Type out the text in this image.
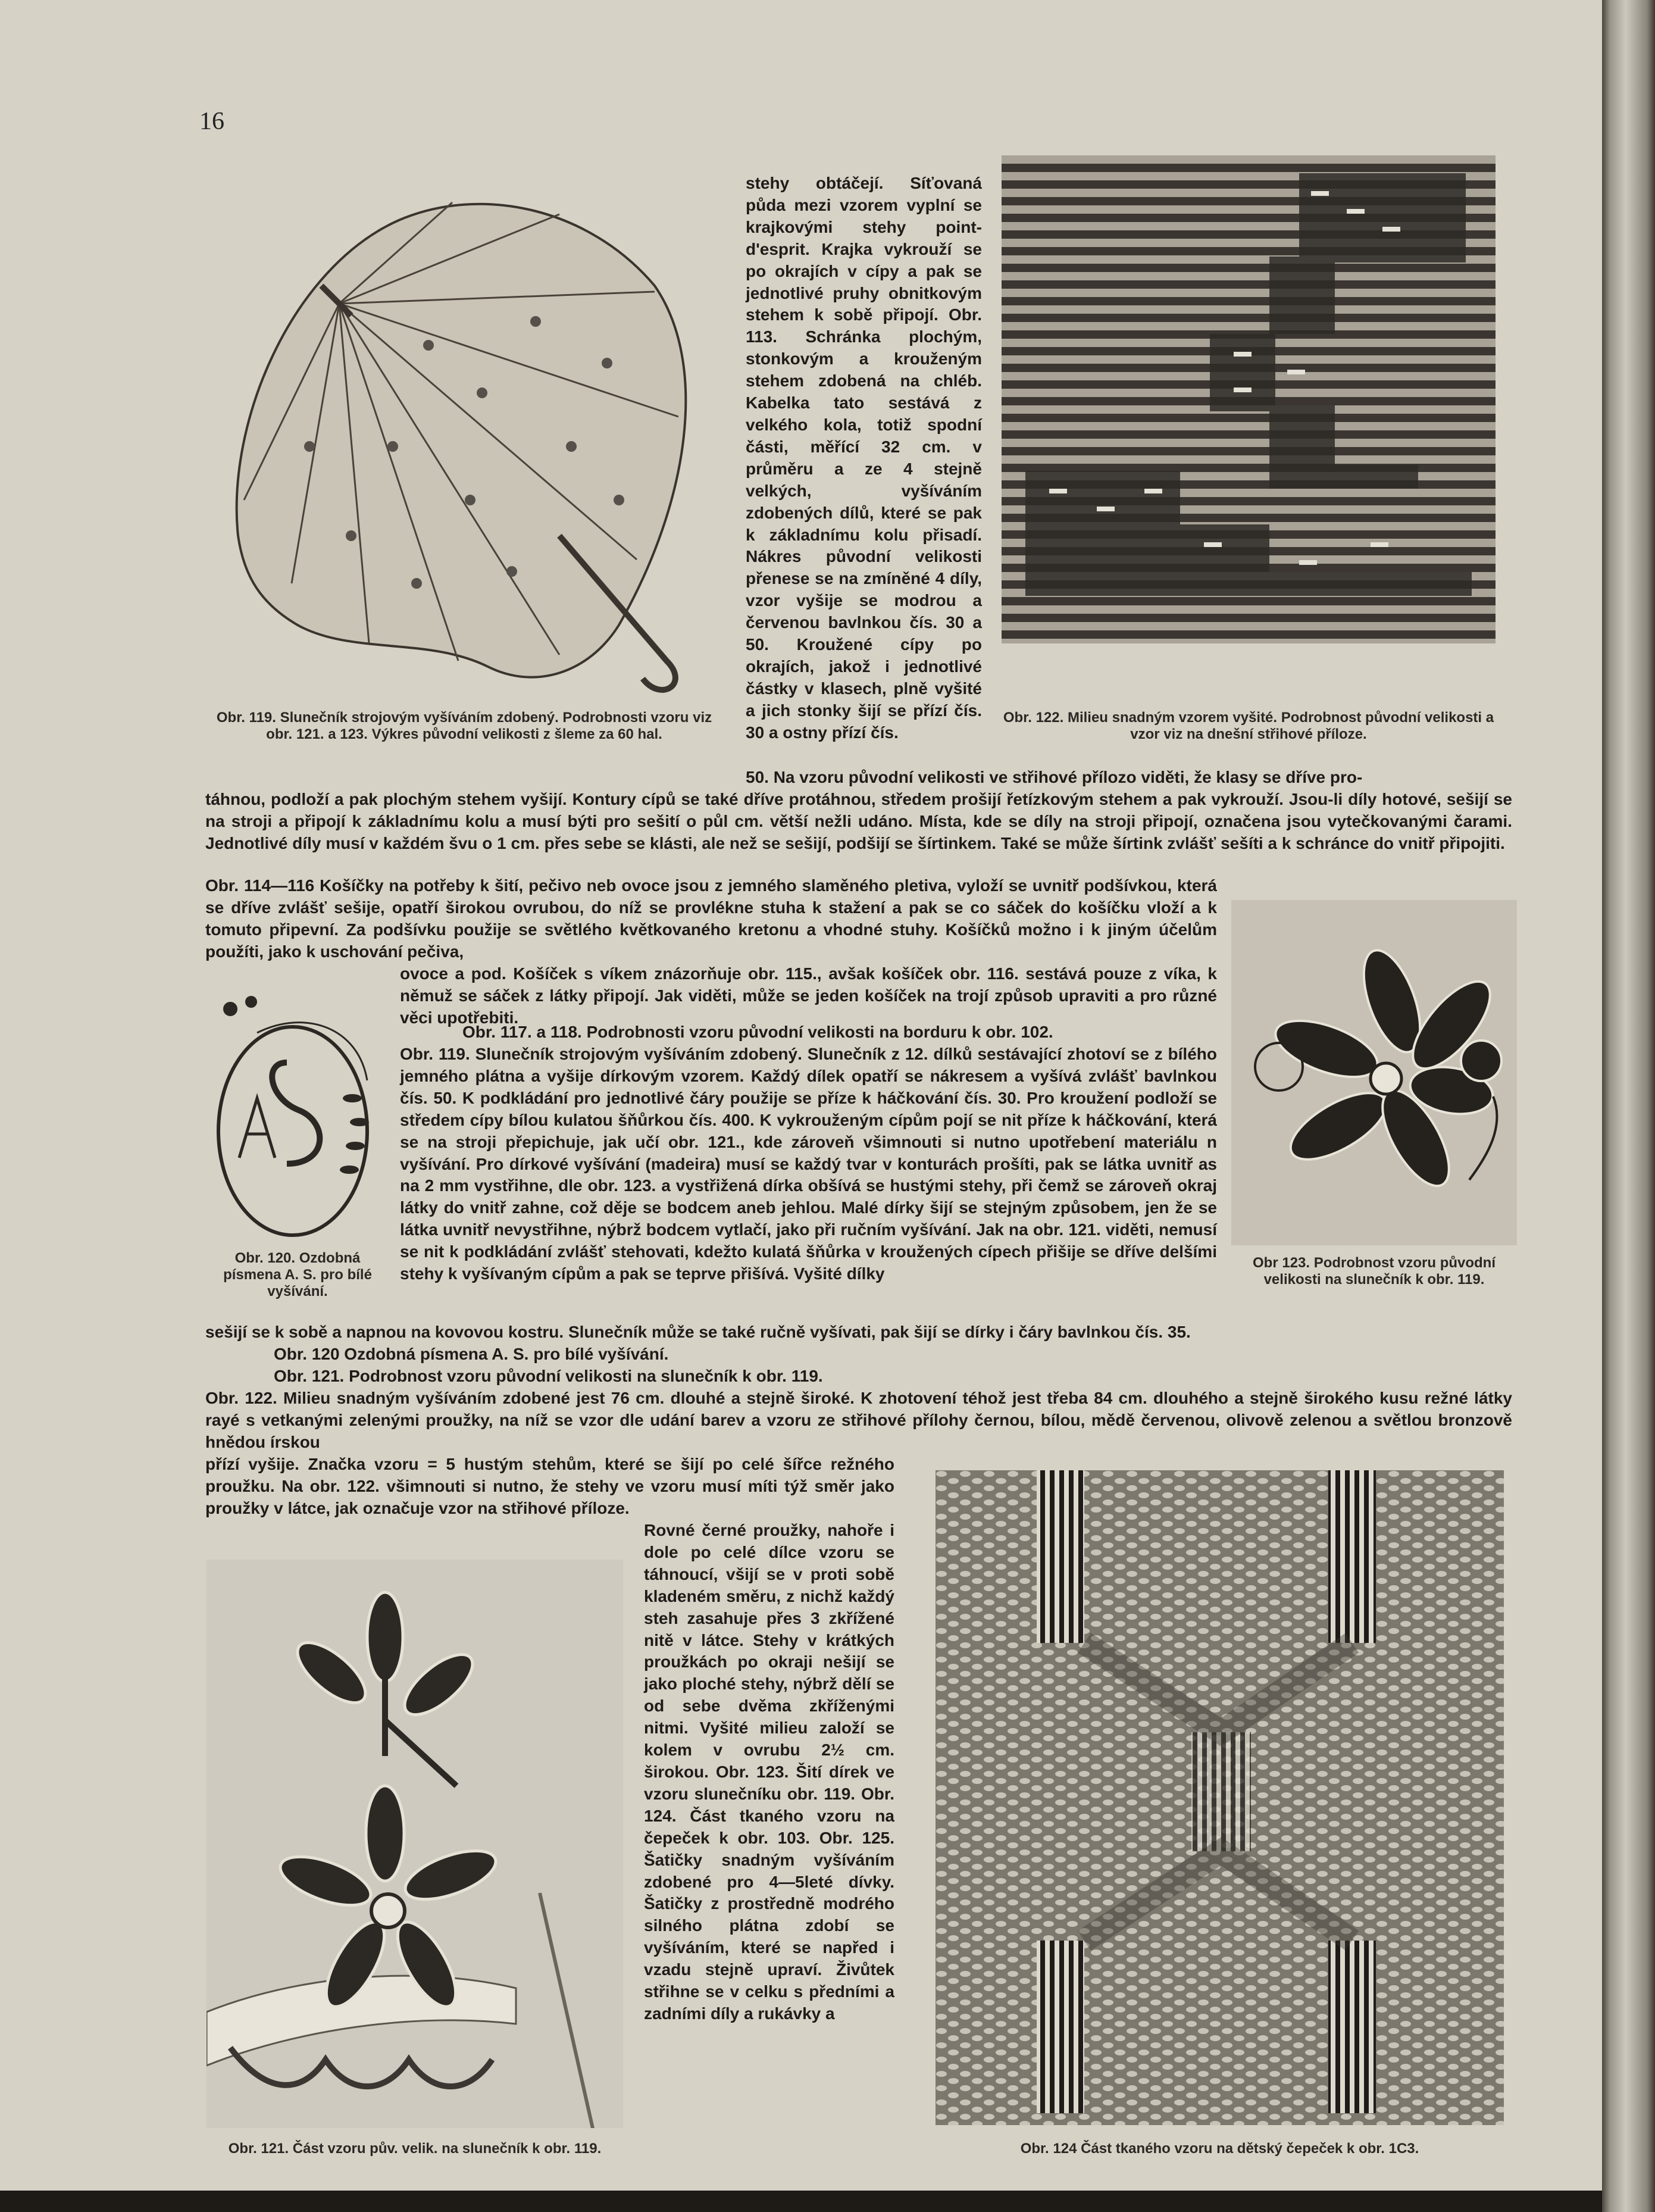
16

Obr. 119. Slunečník strojovým vyšíváním zdobený. Podrobnosti vzoru viz obr. 121. a 123. Výkres původní velikosti z šleme za 60 hal.

stehy obtáčejí. Síťovaná půda mezi vzorem vyplní se krajkovými stehy point-d'esprit. Krajka vykrouží se po okrajích v cípy a pak se jednotlivé pruhy obnitkovým stehem k sobě připojí. Obr. 113. Schránka plochým, stonkovým a krouženým stehem zdobená na chléb. Kabelka tato sestává z velkého kola, totiž spodní části, měřící 32 cm. v průměru a ze 4 stejně velkých, vyšíváním zdobených dílů, které se pak k základnímu kolu přisadí. Nákres původní velikosti přenese se na zmíněné 4 díly, vzor vyšije se modrou a červenou bavlnkou čís. 30 a 50. Kroužené cípy po okrajích, jakož i jednotlivé částky v klasech, plně vyšité a jich stonky šijí se přízí čís. 30 a ostny přízí čís.

Obr. 122. Milieu snadným vzorem vyšité. Podrobnost původní velikosti a vzor viz na dnešní střihové příloze.

50. Na vzoru původní velikosti ve střihové přílozo viděti, že klasy se dříve pro-

táhnou, podloží a pak plochým stehem vyšijí. Kontury cípů se také dříve protáhnou, středem prošijí řetízkovým stehem a pak vykrouží. Jsou-li díly hotové, sešijí se na stroji a připojí k základnímu kolu a musí býti pro sešití o půl cm. větší nežli udáno. Místa, kde se díly na stroji připojí, označena jsou vytečkovanými čarami. Jednotlivé díly musí v každém švu o 1 cm. přes sebe se klásti, ale než se sešijí, podšijí se šírtinkem. Také se může šírtink zvlášť sešíti a k schránce do vnitř připojiti.

Obr. 114—116 Košíčky na potřeby k šití, pečivo neb ovoce jsou z jemného slaměného pletiva, vyloží se uvnitř podšívkou, která se dříve zvlášť sešije, opatří širokou ovrubou, do níž se provlékne stuha k stažení a pak se co sáček do košíčku vloží a k tomuto připevní. Za podšívku použije se světlého květkovaného kretonu a vhodné stuhy. Košíčků možno i k jiným účelům použíti, jako k uschování pečiva,

ovoce a pod. Košíček s víkem znázorňuje obr. 115., avšak košíček obr. 116. sestává pouze z víka, k němuž se sáček z látky připojí. Jak viděti, může se jeden košíček na trojí způsob upraviti a pro různé věci upotřebiti.

Obr. 120. Ozdobná písmena A. S. pro bílé vyšívání.

Obr. 117. a 118. Podrobnosti vzoru původní velikosti na borduru k obr. 102.

Obr. 119. Slunečník strojovým vyšíváním zdobený. Slunečník z 12. dílků sestávající zhotoví se z bílého jemného plátna a vyšije dírkovým vzorem. Každý dílek opatří se nákresem a vyšívá zvlášť bavlnkou čís. 50. K podkládání pro jednotlivé čáry použije se příze k háčkování čís. 30. Pro kroužení podloží se středem cípy bílou kulatou šňůrkou čís. 400. K vykrouženým cípům pojí se nit příze k háčkování, která se na stroji přepichuje, jak učí obr. 121., kde zároveň všimnouti si nutno upotřebení materiálu n vyšívání. Pro dírkové vyšívání (madeira) musí se každý tvar v konturách prošíti, pak se látka uvnitř as na 2 mm vystřihne, dle obr. 123. a vystřižená dírka obšívá se hustými stehy, při čemž se zároveň okraj látky do vnitř zahne, což děje se bodcem aneb jehlou. Malé dírky šijí se stejným způsobem, jen že se látka uvnitř nevystřihne, nýbrž bodcem vytlačí, jako při ručním vyšívání. Jak na obr. 121. viděti, nemusí se nit k podkládání zvlášť stehovati, kdežto kulatá šňůrka v kroužených cípech přišije se dříve delšími stehy k vyšívaným cípům a pak se teprve přišívá. Vyšité dílky

sešijí se k sobě a napnou na kovovou kostru. Slunečník může se také ručně vyšívati, pak šijí se dírky i čáry bavlnkou čís. 35.

Obr 123. Podrobnost vzoru původní velikosti na slunečník k obr. 119.

Obr. 120 Ozdobná písmena A. S. pro bílé vyšívání.

Obr. 121. Podrobnost vzoru původní velikosti na slunečník k obr. 119.

Obr. 122. Milieu snadným vyšíváním zdobené jest 76 cm. dlouhé a stejně široké. K zhotovení téhož jest třeba 84 cm. dlouhého a stejně širokého kusu režné látky rayé s vetkanými zelenými proužky, na níž se vzor dle udání barev a vzoru ze střihové přílohy černou, bílou, mědě červenou, olivově zelenou a světlou bronzově hnědou írskou

přízí vyšije. Značka vzoru = 5 hustým stehům, které se šijí po celé šířce režného proužku. Na obr. 122. všimnouti si nutno, že stehy ve vzoru musí míti týž směr jako proužky v látce, jak označuje vzor na střihové příloze.

Obr. 121. Část vzoru pův. velik. na slunečník k obr. 119.

Rovné černé proužky, nahoře i dole po celé dílce vzoru se táhnoucí, všijí se v proti sobě kladeném směru, z nichž každý steh zasahuje přes 3 zkřížené nitě v látce. Stehy v krátkých proužkách po okraji nešijí se jako ploché stehy, nýbrž dělí se od sebe dvěma zkříženými nitmi. Vyšité milieu založí se kolem v ovrubu 2½ cm. širokou. Obr. 123. Šití dírek ve vzoru slunečníku obr. 119. Obr. 124. Část tkaného vzoru na čepeček k obr. 103. Obr. 125. Šatičky snadným vyšíváním zdobené pro 4—5leté dívky. Šatičky z prostředně modrého silného plátna zdobí se vyšíváním, které se napřed i vzadu stejně upraví. Živůtek střihne se v celku s předními a zadními díly a rukávky a

Obr. 124 Část tkaného vzoru na dětský čepeček k obr. 1C3.
